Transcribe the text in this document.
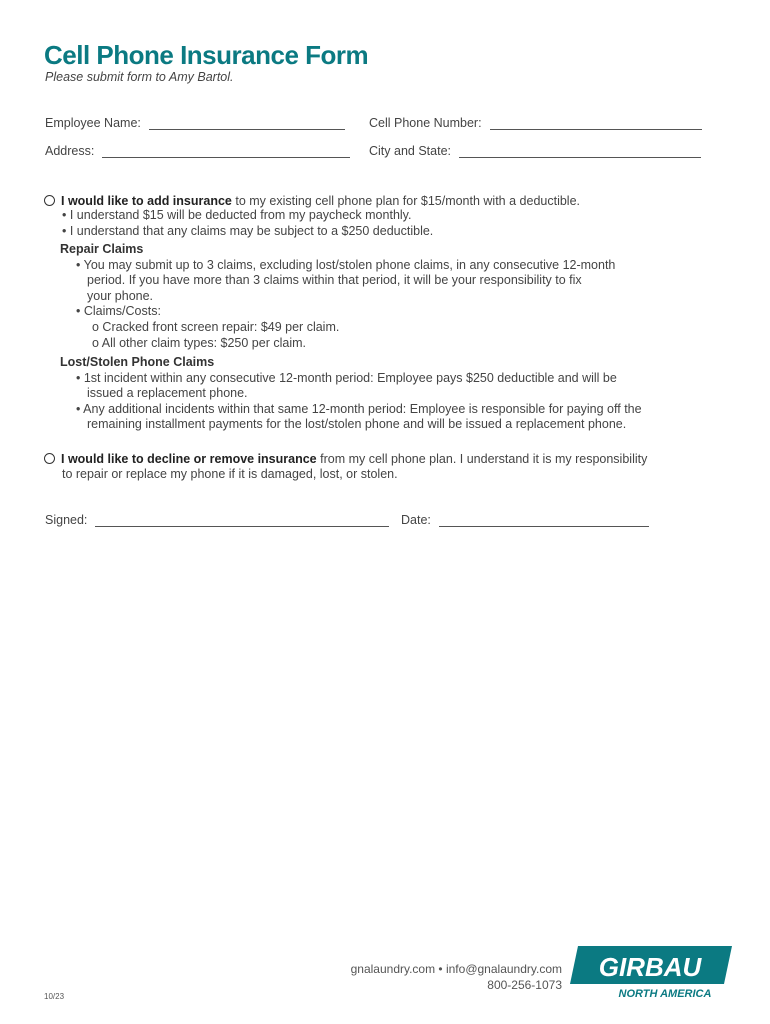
Cell Phone Insurance Form
Please submit form to Amy Bartol.
Employee Name:	Cell Phone Number:
Address:	City and State:
I would like to add insurance to my existing cell phone plan for $15/month with a deductible.
• I understand $15 will be deducted from my paycheck monthly.
• I understand that any claims may be subject to a $250 deductible.
Repair Claims
• You may submit up to 3 claims, excluding lost/stolen phone claims, in any consecutive 12-month
period. If you have more than 3 claims within that period, it will be your responsibility to fix
your phone.
• Claims/Costs:
o Cracked front screen repair: $49 per claim.
o All other claim types: $250 per claim.
Lost/Stolen Phone Claims
• 1st incident within any consecutive 12-month period: Employee pays $250 deductible and will be
issued a replacement phone.
• Any additional incidents within that same 12-month period: Employee is responsible for paying off the
remaining installment payments for the lost/stolen phone and will be issued a replacement phone.
I would like to decline or remove insurance from my cell phone plan. I understand it is my responsibility
to repair or replace my phone if it is damaged, lost, or stolen.
Signed:	Date:
gnalaundry.com • info@gnalaundry.com
800-256-1073
10/23
GIRBAU
NORTH AMERICA
